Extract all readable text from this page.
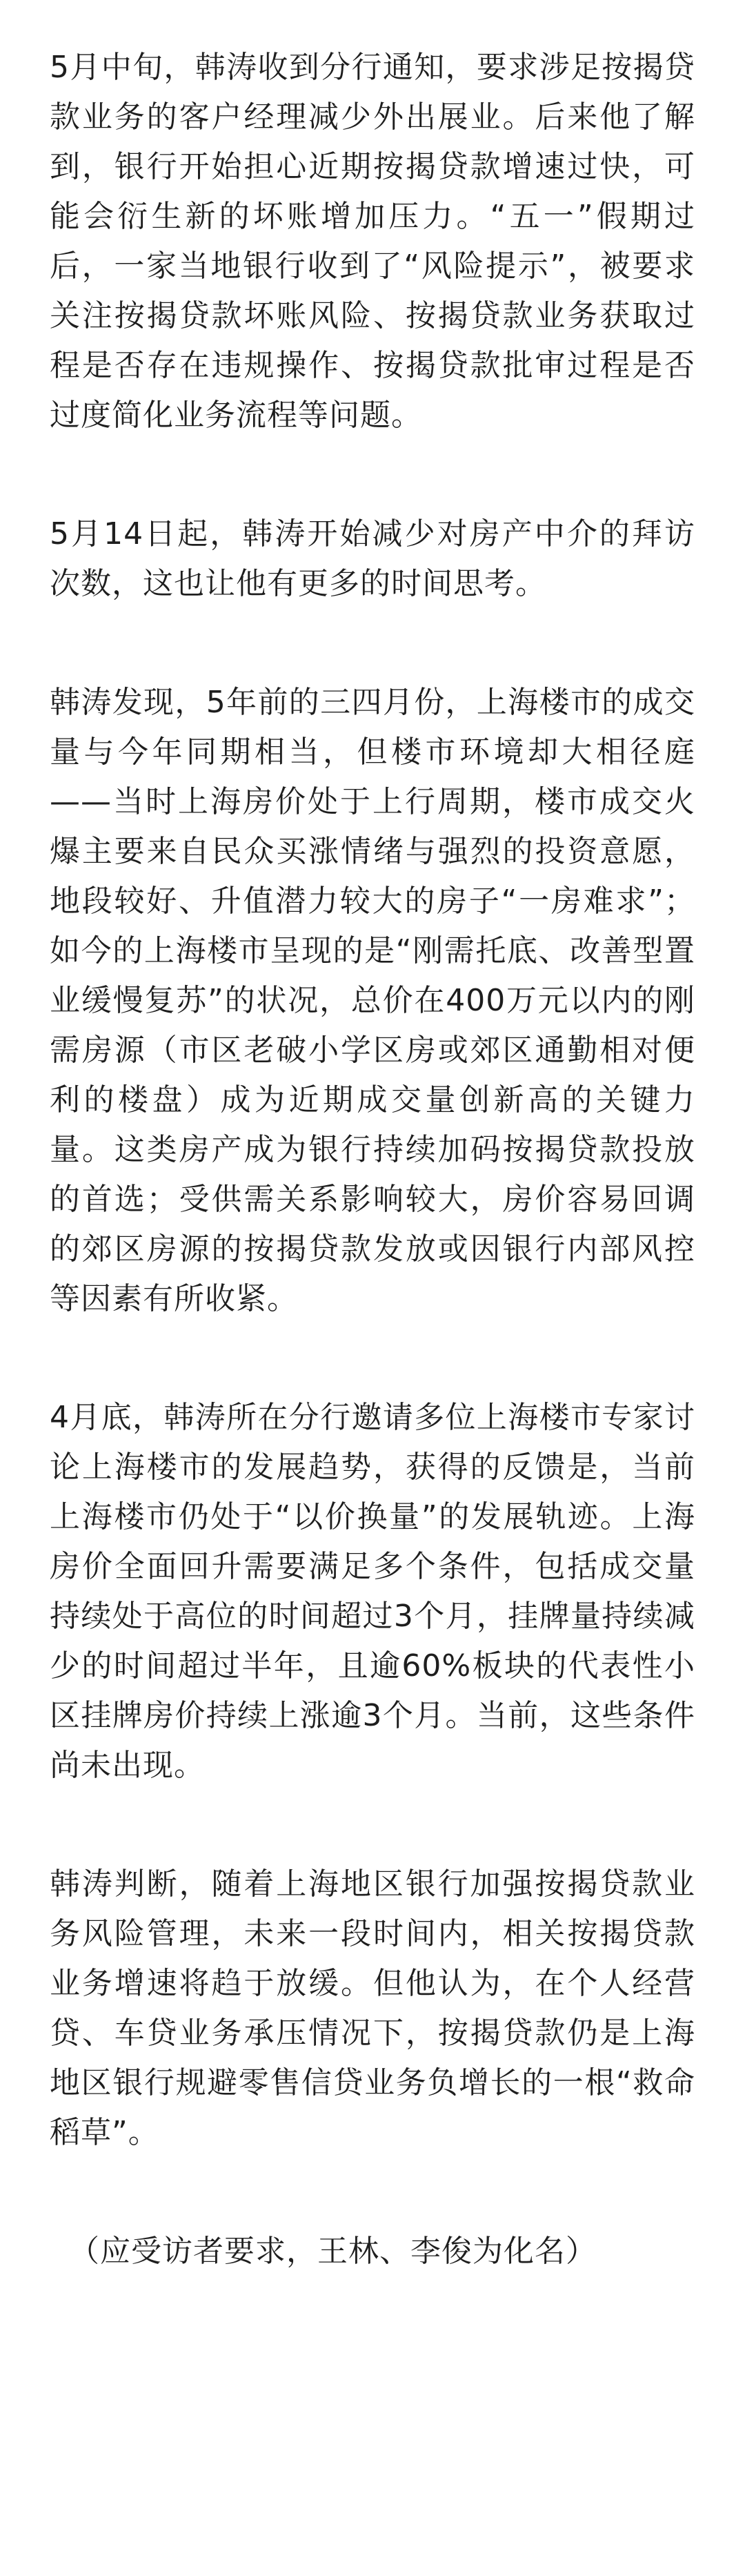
5月中旬，韩涛收到分行通知，要求涉足按揭贷款业务的客户经理减少外出展业。后来他了解到，银行开始担心近期按揭贷款增速过快，可能会衍生新的坏账增加压力。“五一”假期过后，一家当地银行收到了“风险提示”，被要求关注按揭贷款坏账风险、按揭贷款业务获取过程是否存在违规操作、按揭贷款批审过程是否过度简化业务流程等问题。

5月14日起，韩涛开始减少对房产中介的拜访次数，这也让他有更多的时间思考。

韩涛发现，5年前的三四月份，上海楼市的成交量与今年同期相当，但楼市环境却大相径庭——当时上海房价处于上行周期，楼市成交火爆主要来自民众买涨情绪与强烈的投资意愿，地段较好、升值潜力较大的房子“一房难求”；如今的上海楼市呈现的是“刚需托底、改善型置业缓慢复苏”的状况，总价在400万元以内的刚需房源（市区老破小学区房或郊区通勤相对便利的楼盘）成为近期成交量创新高的关键力量。这类房产成为银行持续加码按揭贷款投放的首选；受供需关系影响较大，房价容易回调的郊区房源的按揭贷款发放或因银行内部风控等因素有所收紧。

4月底，韩涛所在分行邀请多位上海楼市专家讨论上海楼市的发展趋势，获得的反馈是，当前上海楼市仍处于“以价换量”的发展轨迹。上海房价全面回升需要满足多个条件，包括成交量持续处于高位的时间超过3个月，挂牌量持续减少的时间超过半年，且逾60%板块的代表性小区挂牌房价持续上涨逾3个月。当前，这些条件尚未出现。

韩涛判断，随着上海地区银行加强按揭贷款业务风险管理，未来一段时间内，相关按揭贷款业务增速将趋于放缓。但他认为，在个人经营贷、车贷业务承压情况下，按揭贷款仍是上海地区银行规避零售信贷业务负增长的一根“救命稻草”。

（应受访者要求，王林、李俊为化名）
